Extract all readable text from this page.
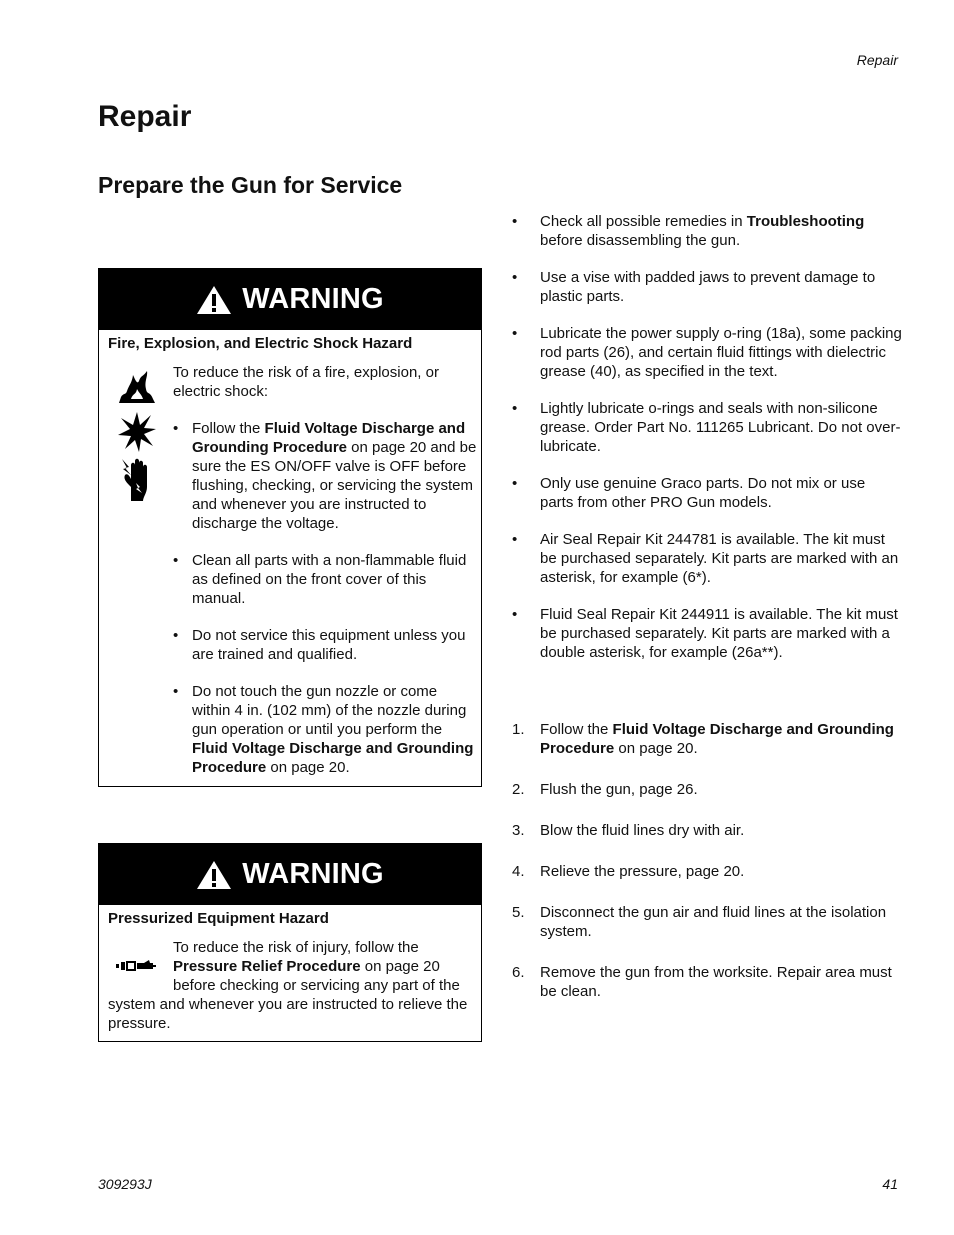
Repair
Repair
Prepare the Gun for Service
WARNING
Fire, Explosion, and Electric Shock Hazard
To reduce the risk of a fire, explosion, or electric shock:
• Follow the Fluid Voltage Discharge and Grounding Procedure on page 20 and be sure the ES ON/OFF valve is OFF before flushing, checking, or servicing the system and whenever you are instructed to discharge the voltage.
• Clean all parts with a non-flammable fluid as defined on the front cover of this manual.
• Do not service this equipment unless you are trained and qualified.
• Do not touch the gun nozzle or come within 4 in. (102 mm) of the nozzle during gun operation or until you perform the Fluid Voltage Discharge and Grounding Procedure on page 20.
WARNING
Pressurized Equipment Hazard
To reduce the risk of injury, follow the Pressure Relief Procedure on page 20 before checking or servicing any part of the system and whenever you are instructed to relieve the pressure.
• Check all possible remedies in Troubleshooting before disassembling the gun.
• Use a vise with padded jaws to prevent damage to plastic parts.
• Lubricate the power supply o-ring (18a), some packing rod parts (26), and certain fluid fittings with dielectric grease (40), as specified in the text.
• Lightly lubricate o-rings and seals with non-silicone grease. Order Part No. 111265 Lubricant. Do not over-lubricate.
• Only use genuine Graco parts. Do not mix or use parts from other PRO Gun models.
• Air Seal Repair Kit 244781 is available. The kit must be purchased separately. Kit parts are marked with an asterisk, for example (6*).
• Fluid Seal Repair Kit 244911 is available. The kit must be purchased separately. Kit parts are marked with a double asterisk, for example (26a**).
1. Follow the Fluid Voltage Discharge and Grounding Procedure on page 20.
2. Flush the gun, page 26.
3. Blow the fluid lines dry with air.
4. Relieve the pressure, page 20.
5. Disconnect the gun air and fluid lines at the isolation system.
6. Remove the gun from the worksite. Repair area must be clean.
309293J	41
